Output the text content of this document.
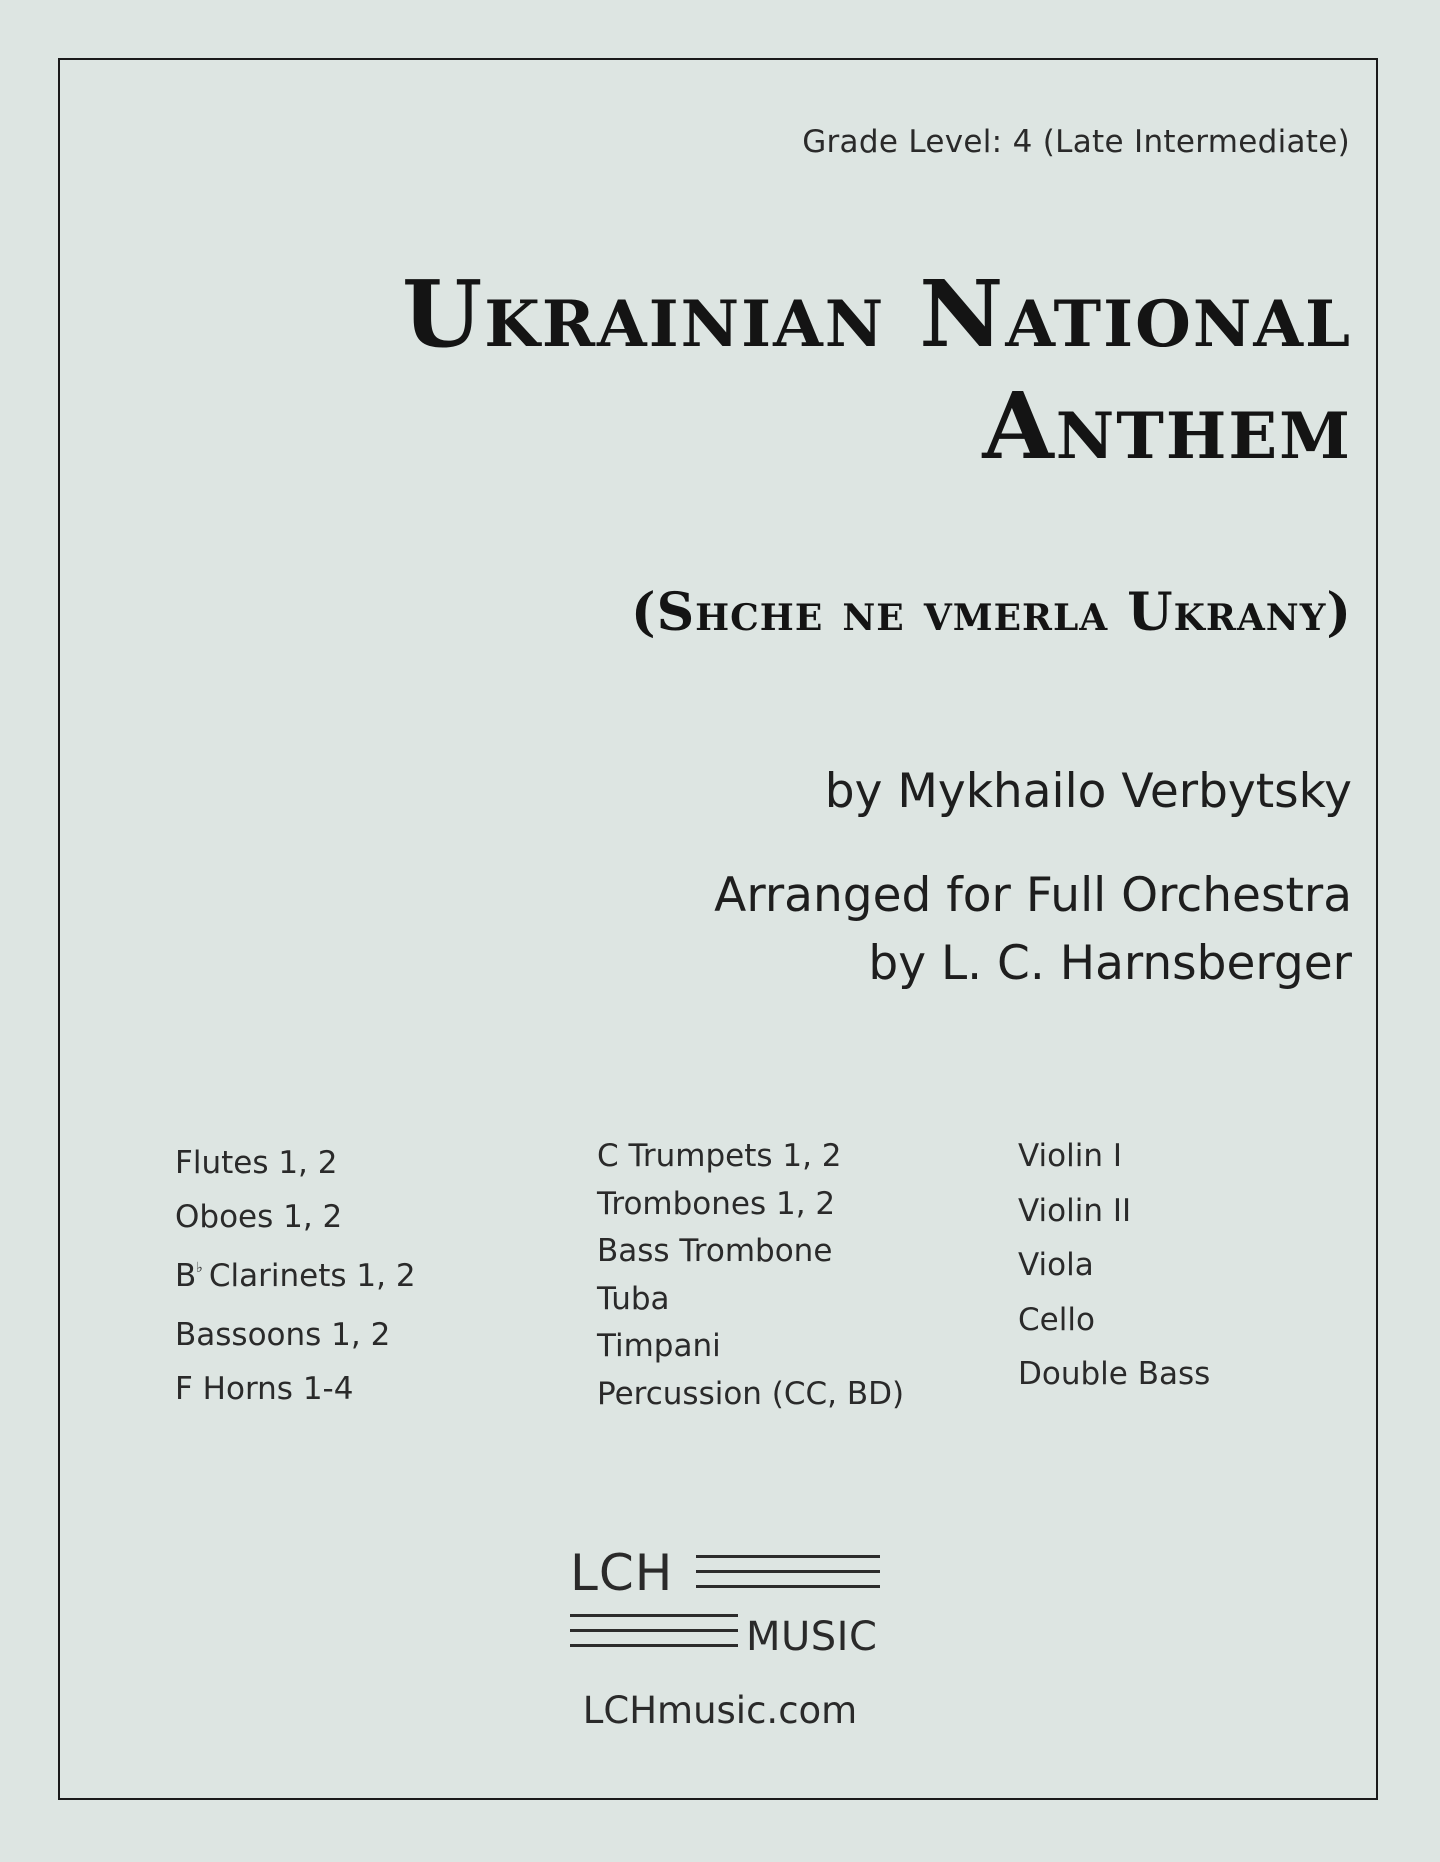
Grade Level: 4 (Late Intermediate)
Ukrainian National
Anthem
(Shche ne vmerla Ukrany)
by Mykhailo Verbytsky
Arranged for Full Orchestra
by L. C. Harnsberger
Flutes 1, 2
Oboes 1, 2
B♭ Clarinets 1, 2
Bassoons 1, 2
F Horns 1-4
C Trumpets 1, 2
Trombones 1, 2
Bass Trombone
Tuba
Timpani
Percussion (CC, BD)
Violin I
Violin II
Viola
Cello
Double Bass
LCH
MUSIC
LCHmusic.com
